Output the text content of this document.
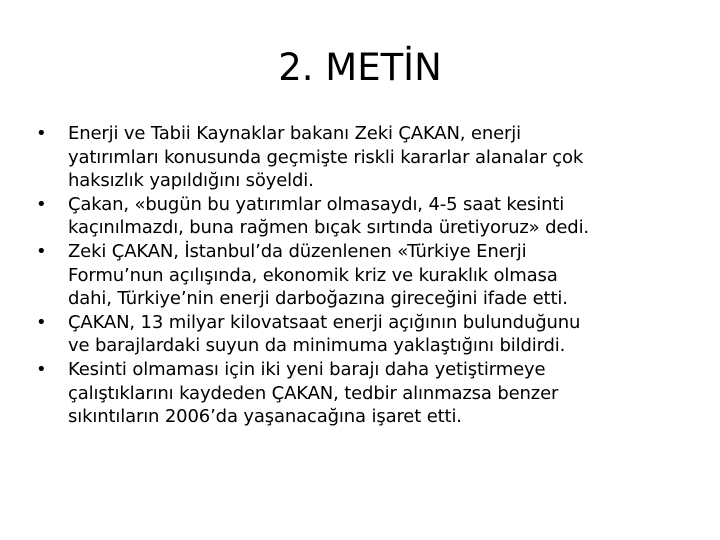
2. METİN
•	Enerji ve Tabii Kaynaklar bakanı Zeki ÇAKAN, enerji
yatırımları konusunda geçmişte riskli kararlar alanalar çok
haksızlık yapıldığını söyeldi.
•	Çakan, «bugün bu yatırımlar olmasaydı, 4-5 saat kesinti
kaçınılmazdı, buna rağmen bıçak sırtında üretiyoruz» dedi.
•	Zeki ÇAKAN, İstanbul’da düzenlenen «Türkiye Enerji
Formu’nun açılışında, ekonomik kriz ve kuraklık olmasa
dahi, Türkiye’nin enerji darboğazına gireceğini ifade etti.
•	ÇAKAN, 13 milyar kilovatsaat enerji açığının bulunduğunu
ve barajlardaki suyun da minimuma yaklaştığını bildirdi.
•	Kesinti olmaması için iki yeni barajı daha yetiştirmeye
çalıştıklarını kaydeden ÇAKAN, tedbir alınmazsa benzer
sıkıntıların 2006’da yaşanacağına işaret etti.
